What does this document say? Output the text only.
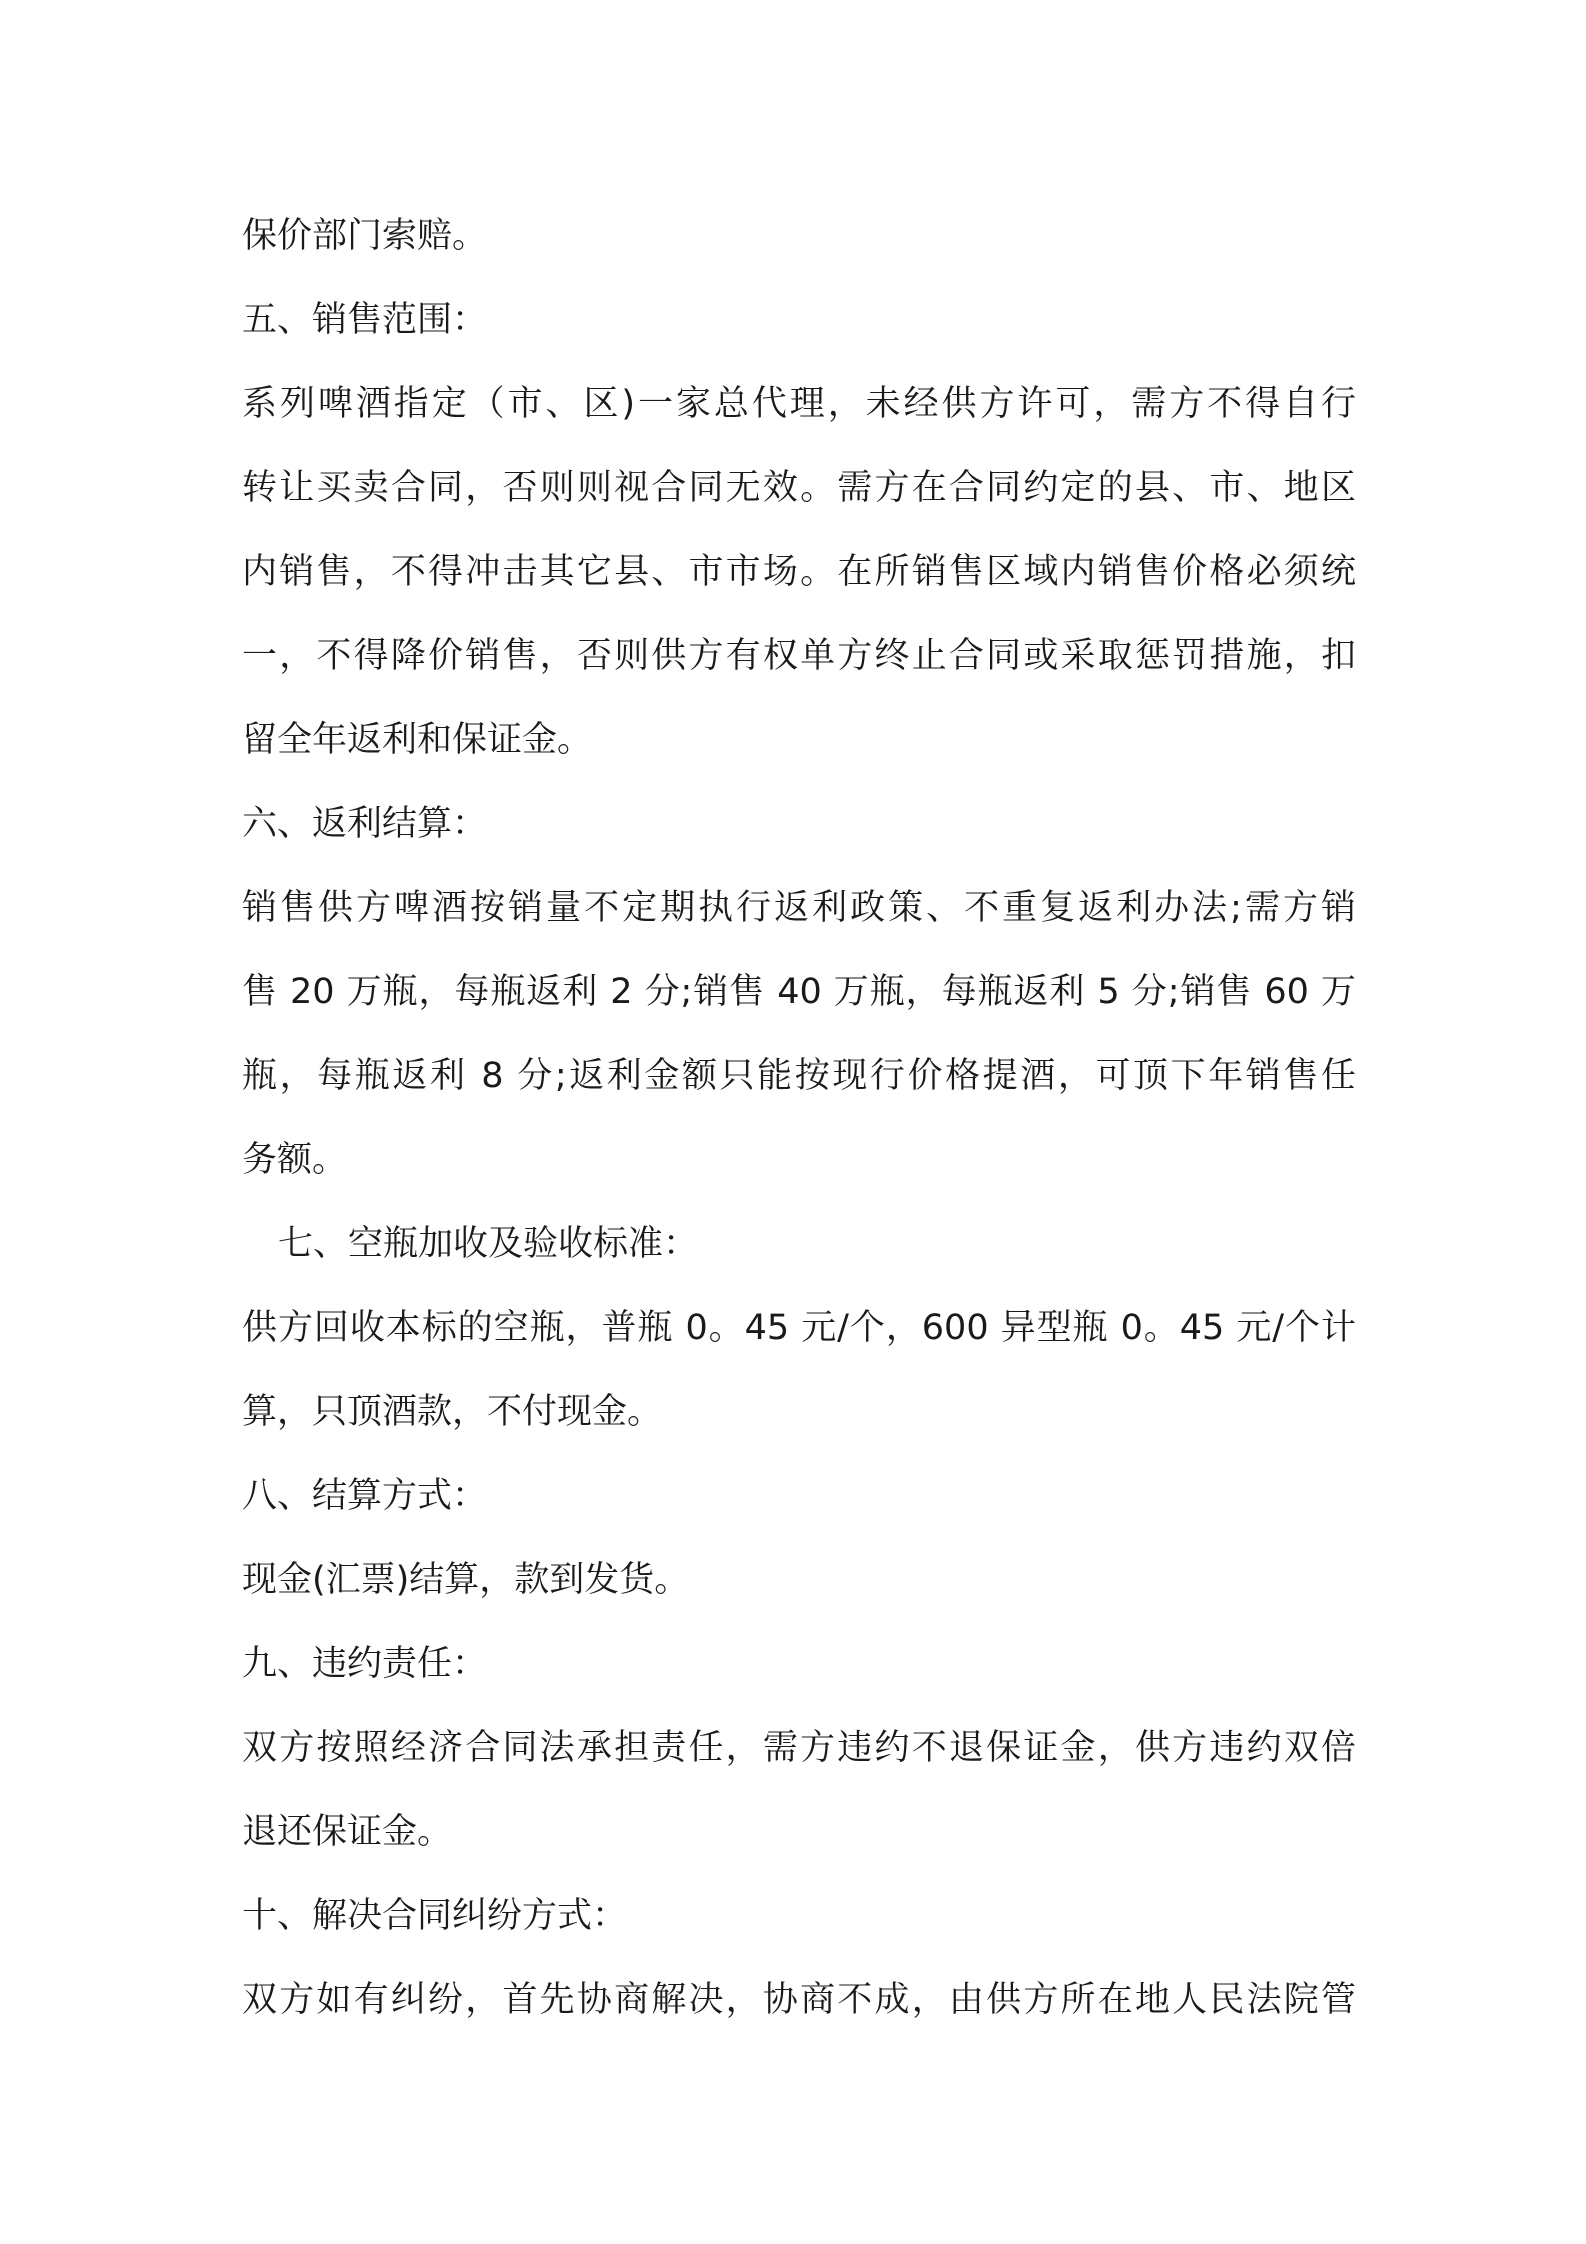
保价部门索赔。
五、销售范围：
系列啤酒指定（市、区)一家总代理，未经供方许可，需方不得自行
转让买卖合同，否则则视合同无效。需方在合同约定的县、市、地区
内销售，不得冲击其它县、市市场。在所销售区域内销售价格必须统
一，不得降价销售，否则供方有权单方终止合同或采取惩罚措施，扣
留全年返利和保证金。
六、返利结算：
销售供方啤酒按销量不定期执行返利政策、不重复返利办法;需方销
售 20 万瓶，每瓶返利 2 分;销售 40 万瓶，每瓶返利 5 分;销售 60 万
瓶，每瓶返利 8 分;返利金额只能按现行价格提酒，可顶下年销售任
务额。
七、空瓶加收及验收标准：
供方回收本标的空瓶，普瓶 0。45 元/个，600 异型瓶 0。45 元/个计
算，只顶酒款，不付现金。
八、结算方式：
现金(汇票)结算，款到发货。
九、违约责任：
双方按照经济合同法承担责任，需方违约不退保证金，供方违约双倍
退还保证金。
十、解决合同纠纷方式：
双方如有纠纷，首先协商解决，协商不成，由供方所在地人民法院管
